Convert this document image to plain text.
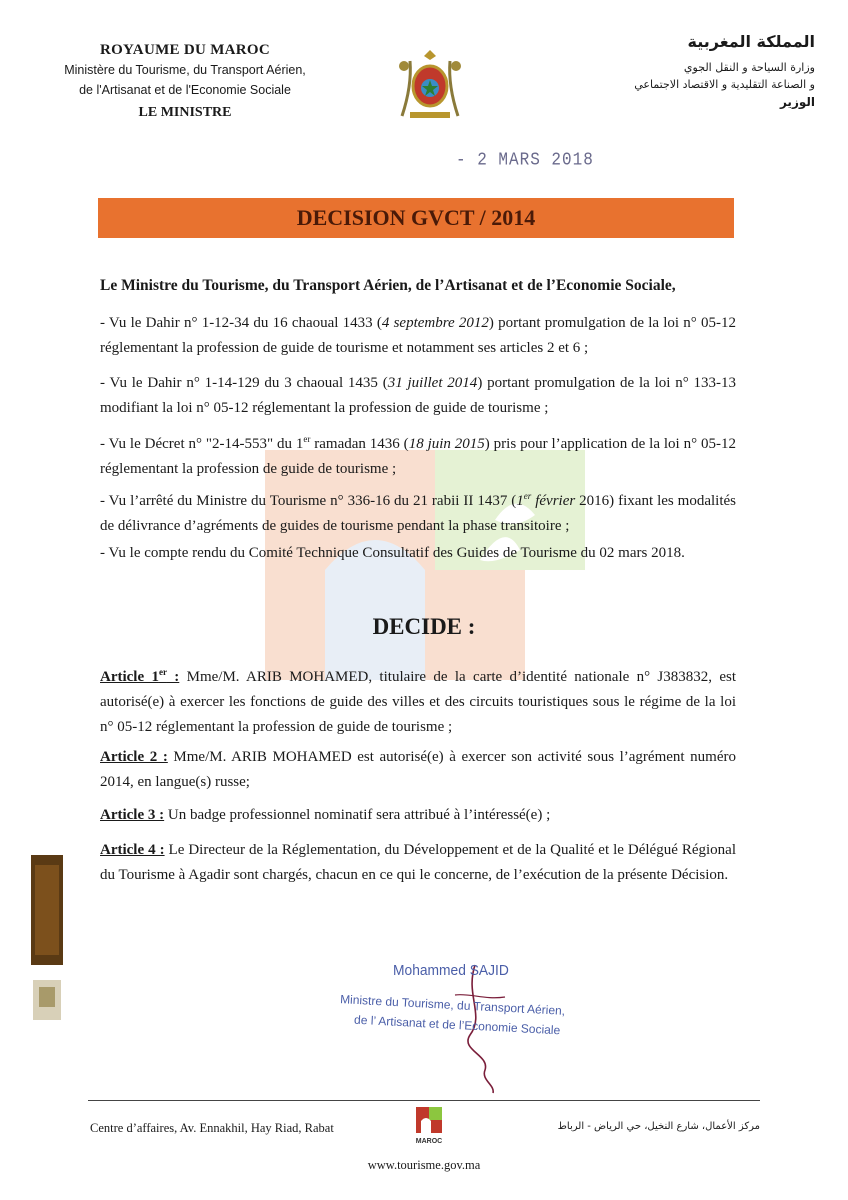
ROYAUME DU MAROC
Ministère du Tourisme, du Transport Aérien,
de l'Artisanat et de l'Economie Sociale
LE MINISTRE
المملكة المغربية
وزارة السياحة و النقل الجوي
و الصناعة التقليدية و الاقتصاد الاجتماعي
الوزير
- 2 MARS 2018
DECISION GVCT / 2014
Le Ministre du Tourisme, du Transport Aérien, de l’Artisanat et de l’Economie Sociale,
- Vu le Dahir n° 1-12-34 du 16 chaoual 1433 (4 septembre 2012) portant promulgation de la loi n° 05-12 réglementant la profession de guide de tourisme et notamment ses articles 2 et 6 ;
- Vu le Dahir n° 1-14-129 du 3 chaoual 1435 (31 juillet 2014) portant promulgation de la loi n° 133-13 modifiant la loi n° 05-12 réglementant la profession de guide de tourisme ;
- Vu le Décret n° "2-14-553" du 1er ramadan 1436 (18 juin 2015) pris pour l’application de la loi n° 05-12 réglementant la profession de guide de tourisme ;
- Vu l’arrêté du Ministre du Tourisme n° 336-16 du 21 rabii II 1437 (1er février 2016) fixant les modalités de délivrance d’agréments de guides de tourisme pendant la phase transitoire ;
- Vu le compte rendu du Comité Technique Consultatif des Guides de Tourisme du 02 mars 2018.
DECIDE :
Article 1er : Mme/M. ARIB MOHAMED, titulaire de la carte d’identité nationale n° J383832, est autorisé(e) à exercer les fonctions de guide des villes et des circuits touristiques sous le régime de la loi n° 05-12 réglementant la profession de guide de tourisme ;
Article 2 : Mme/M. ARIB MOHAMED est autorisé(e) à exercer son activité sous l’agrément numéro 2014, en langue(s) russe;
Article 3 : Un badge professionnel nominatif sera attribué à l’intéressé(e) ;
Article 4 : Le Directeur de la Réglementation, du Développement et de la Qualité et le Délégué Régional du Tourisme à Agadir sont chargés, chacun en ce qui le concerne, de l’exécution de la présente Décision.
Mohammed SAJID
Ministre du Tourisme, du Transport Aérien,
de l’ Artisanat et de l’Economie Sociale
Centre d’affaires, Av. Ennakhil, Hay Riad, Rabat
MAROC
مركز الأعمال، شارع النخيل، حي الرياض - الرباط
www.tourisme.gov.ma
